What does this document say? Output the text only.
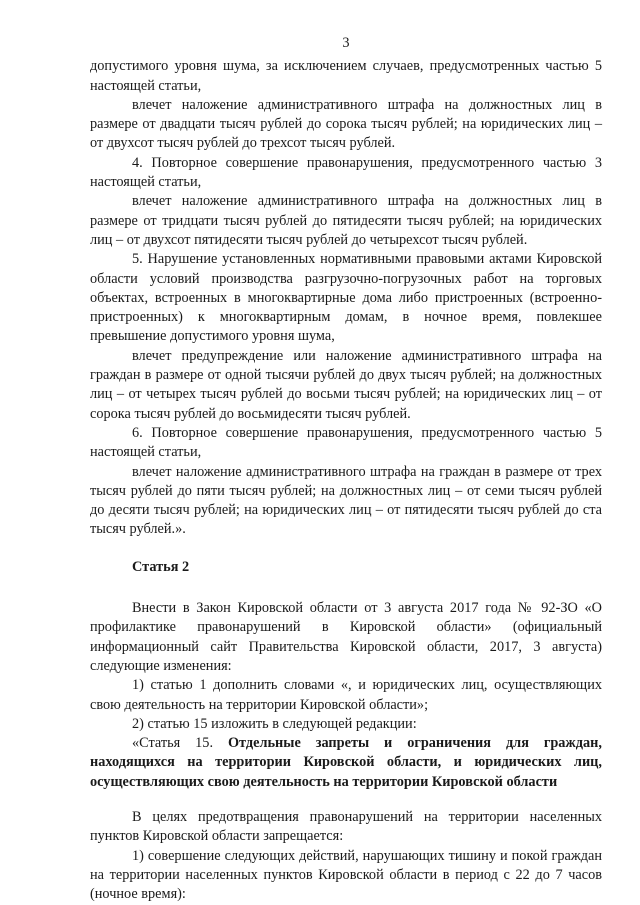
3

допустимого уровня шума, за исключением случаев, предусмотренных частью 5 настоящей статьи,

влечет наложение административного штрафа на должностных лиц в размере от двадцати тысяч рублей до сорока тысяч рублей; на юридических лиц – от двухсот тысяч рублей до трехсот тысяч рублей.

4. Повторное совершение правонарушения, предусмотренного частью 3 настоящей статьи,

влечет наложение административного штрафа на должностных лиц в размере от тридцати тысяч рублей до пятидесяти тысяч рублей; на юридических лиц – от двухсот пятидесяти тысяч рублей до четырехсот тысяч рублей.

5. Нарушение установленных нормативными правовыми актами Кировской области условий производства разгрузочно-погрузочных работ на торговых объектах, встроенных в многоквартирные дома либо пристроенных (встроенно-пристроенных) к многоквартирным домам, в ночное время, повлекшее превышение допустимого уровня шума,

влечет предупреждение или наложение административного штрафа на граждан в размере от одной тысячи рублей до двух тысяч рублей; на должностных лиц – от четырех тысяч рублей до восьми тысяч рублей; на юридических лиц – от сорока тысяч рублей до восьмидесяти тысяч рублей.

6. Повторное совершение правонарушения, предусмотренного частью 5 настоящей статьи,

влечет наложение административного штрафа на граждан в размере от трех тысяч рублей до пяти тысяч рублей; на должностных лиц – от семи тысяч рублей до десяти тысяч рублей; на юридических лиц – от пятидесяти тысяч рублей до ста тысяч рублей.».

Статья 2

Внести в Закон Кировской области от 3 августа 2017 года № 92-ЗО «О профилактике правонарушений в Кировской области» (официальный информационный сайт Правительства Кировской области, 2017, 3 августа) следующие изменения:

1) статью 1 дополнить словами «, и юридических лиц, осуществляющих свою деятельность на территории Кировской области»;

2) статью 15 изложить в следующей редакции:

«Статья 15. Отдельные запреты и ограничения для граждан, находящихся на территории Кировской области, и юридических лиц, осуществляющих свою деятельность на территории Кировской области

В целях предотвращения правонарушений на территории населенных пунктов Кировской области запрещается:

1) совершение следующих действий, нарушающих тишину и покой граждан на территории населенных пунктов Кировской области в период с 22 до 7 часов (ночное время):
